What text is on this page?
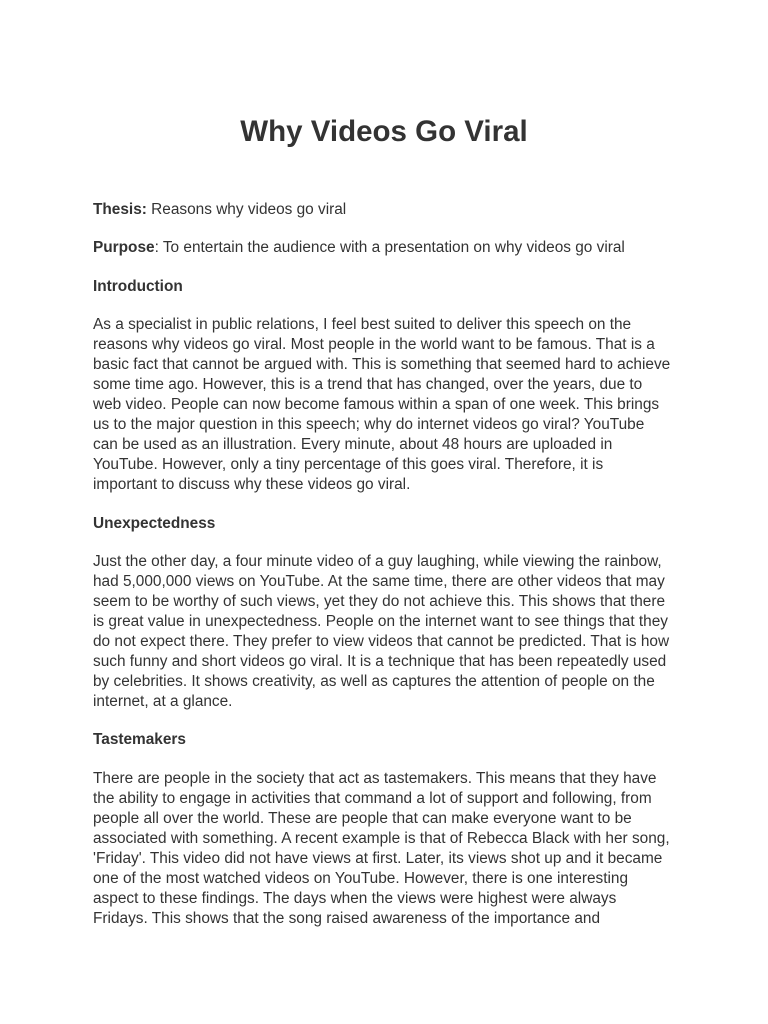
Why Videos Go Viral

Thesis: Reasons why videos go viral

Purpose: To entertain the audience with a presentation on why videos go viral

Introduction

As a specialist in public relations, I feel best suited to deliver this speech on the
reasons why videos go viral. Most people in the world want to be famous. That is a
basic fact that cannot be argued with. This is something that seemed hard to achieve
some time ago. However, this is a trend that has changed, over the years, due to
web video. People can now become famous within a span of one week. This brings
us to the major question in this speech; why do internet videos go viral? YouTube
can be used as an illustration. Every minute, about 48 hours are uploaded in
YouTube. However, only a tiny percentage of this goes viral. Therefore, it is
important to discuss why these videos go viral.

Unexpectedness

Just the other day, a four minute video of a guy laughing, while viewing the rainbow,
had 5,000,000 views on YouTube. At the same time, there are other videos that may
seem to be worthy of such views, yet they do not achieve this. This shows that there
is great value in unexpectedness. People on the internet want to see things that they
do not expect there. They prefer to view videos that cannot be predicted. That is how
such funny and short videos go viral. It is a technique that has been repeatedly used
by celebrities. It shows creativity, as well as captures the attention of people on the
internet, at a glance.

Tastemakers

There are people in the society that act as tastemakers. This means that they have
the ability to engage in activities that command a lot of support and following, from
people all over the world. These are people that can make everyone want to be
associated with something. A recent example is that of Rebecca Black with her song,
'Friday'. This video did not have views at first. Later, its views shot up and it became
one of the most watched videos on YouTube. However, there is one interesting
aspect to these findings. The days when the views were highest were always
Fridays. This shows that the song raised awareness of the importance and
